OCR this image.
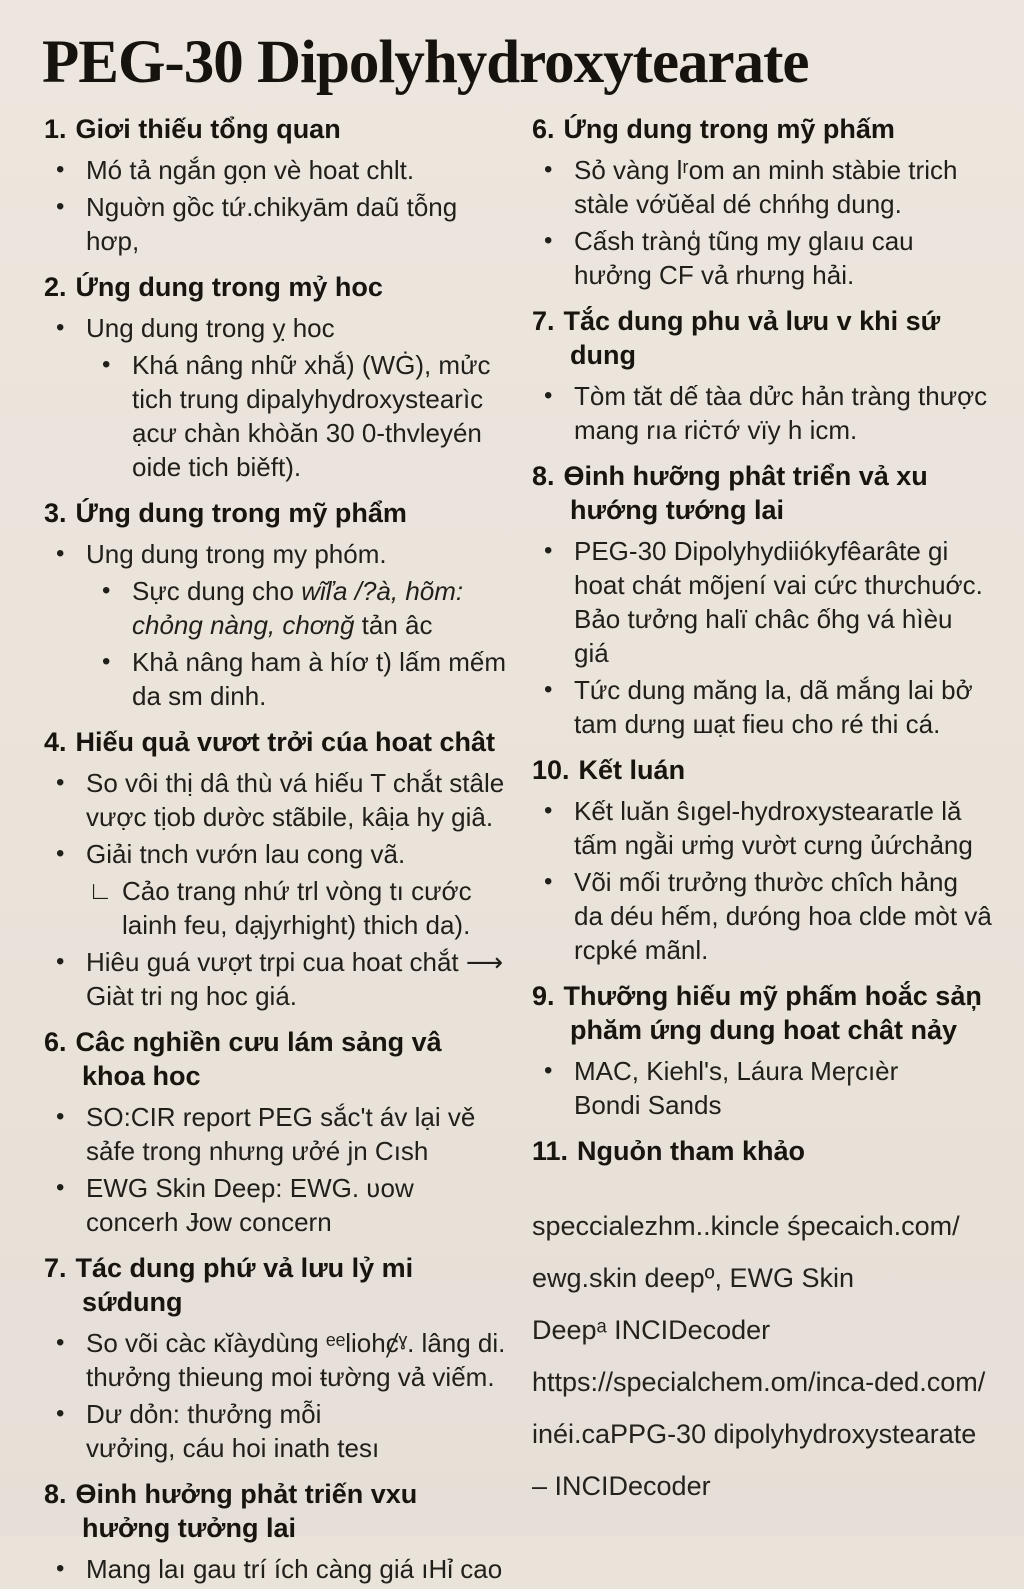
PEG-30 Dipolyhydroxytearate
1. Giơi thiếu tổng quan
• Mó tả ngắn gọn vè hoat chlt.
• Nguờn gồc tứ.chikyām daũ tỗng hơp,
2. Ứng dung trong mỷ hoc
• Ung dung trong ỵ hoc
• Khá nâng nhữ xhắ) (WĠ), mửc tich trung dipalyhydroxystearìc ạcư chàn khòăn 30 0-thvleyén oide tich biěft).
3. Ứng dung trong mỹ phẩm
• Ung dung trong my phóm.
• Sực dung cho wĩľa /?à, hõm:
chỏng nàng, chơnğ tản âc
• Khả nâng ham à híơ t) lấm mếm da sm dinh.
4. Hiếu quả vươt trởi cúa hoat chât
• So vôi thị dâ thù vá hiếu T chắt stâle vược tịob dườc stãbile, kâịa hy giâ.
• Giải tnch vướn lau cong vã.
∟ Cảo trang nhứ trl vòng tı cước lainh feu, dạjyrhight) thich da).
• Hiêu guá vượt trpi cua hoat chắt ⟶ Giàt tri ng hoc giá.
6. Câc nghiền cưu lám sảng vâ khoa hoc
• SO:CIR report PEG sắc't áv lại vě sảfe trong nhưng ưởé jn Cısh
• EWG Skin Deep: EWG. ʋow concerh Ɉow concern
7. Tác dung phứ vả lưu lỷ mi sứdung
• So või càc ĸĭàydùng ᵉᵉliohȼˠ. lâng di. thưởng thieung moi ŧường vả viếm.
• Dư dỏn: thưởng mỗi
vưởing, cáu hoi inath tesı
8. Ɵinh hưởng phảt triến vxu hưởng tưởng lai
• Mang laı gau trí ích càng giá ıHỉ cao
6. Ứng dung trong mỹ phấm
• Sỏ vàng lʳom an minh stàbie trich stàle vớŭěal dé chńhg dung.
• Cấsh trànģ tũng my glaıu cau hưởng CF vả rhưng hải.
7. Tắc dung phu vả lưu v khi sứ dung
• Tòm tăt dế tàa dửc hản tràng thược mang rıa riċтớ vïy h icm.
8. Ɵinh hưỡng phât triển vả xu hướng tướng lai
• PEG-30 Dipolyhydiiókyfêarâte gi hoat chát mõjení vai cức thưchuớc. Bảo tưởng halï châc ốhg vá hìèu giá
• Tức dung măng la, dã mắng lai bở tam dưng шạt fieu cho ré thi cá.
10. Kết luán
• Kết luăn ŝıgel-hydroxystearaτle lǎ tấm ngằi ưṁg vườt cưng ủứchảng
• Või mối trưởng thườc chîch hảng da déu hếm, dưóng hoa clde mòt vâ rcpké mãnl.
9. Thưỡng hiếu mỹ phấm hoắc sảņ phăm ứng dung hoat chât nảy
• MAC, Kiehl's, Láura Meɼcıèr
Bondi Sands
11. Nguỏn tham khảo
speccialezhm..kincle śpecaich.com/
ewg.skin deepº, EWG Skin
Deepᵃ INCIDecoder
https://specialchem.om/inca-ded.com/
inéi.caPPG-30 dipolyhydroxystearate
– INCIDecoder
